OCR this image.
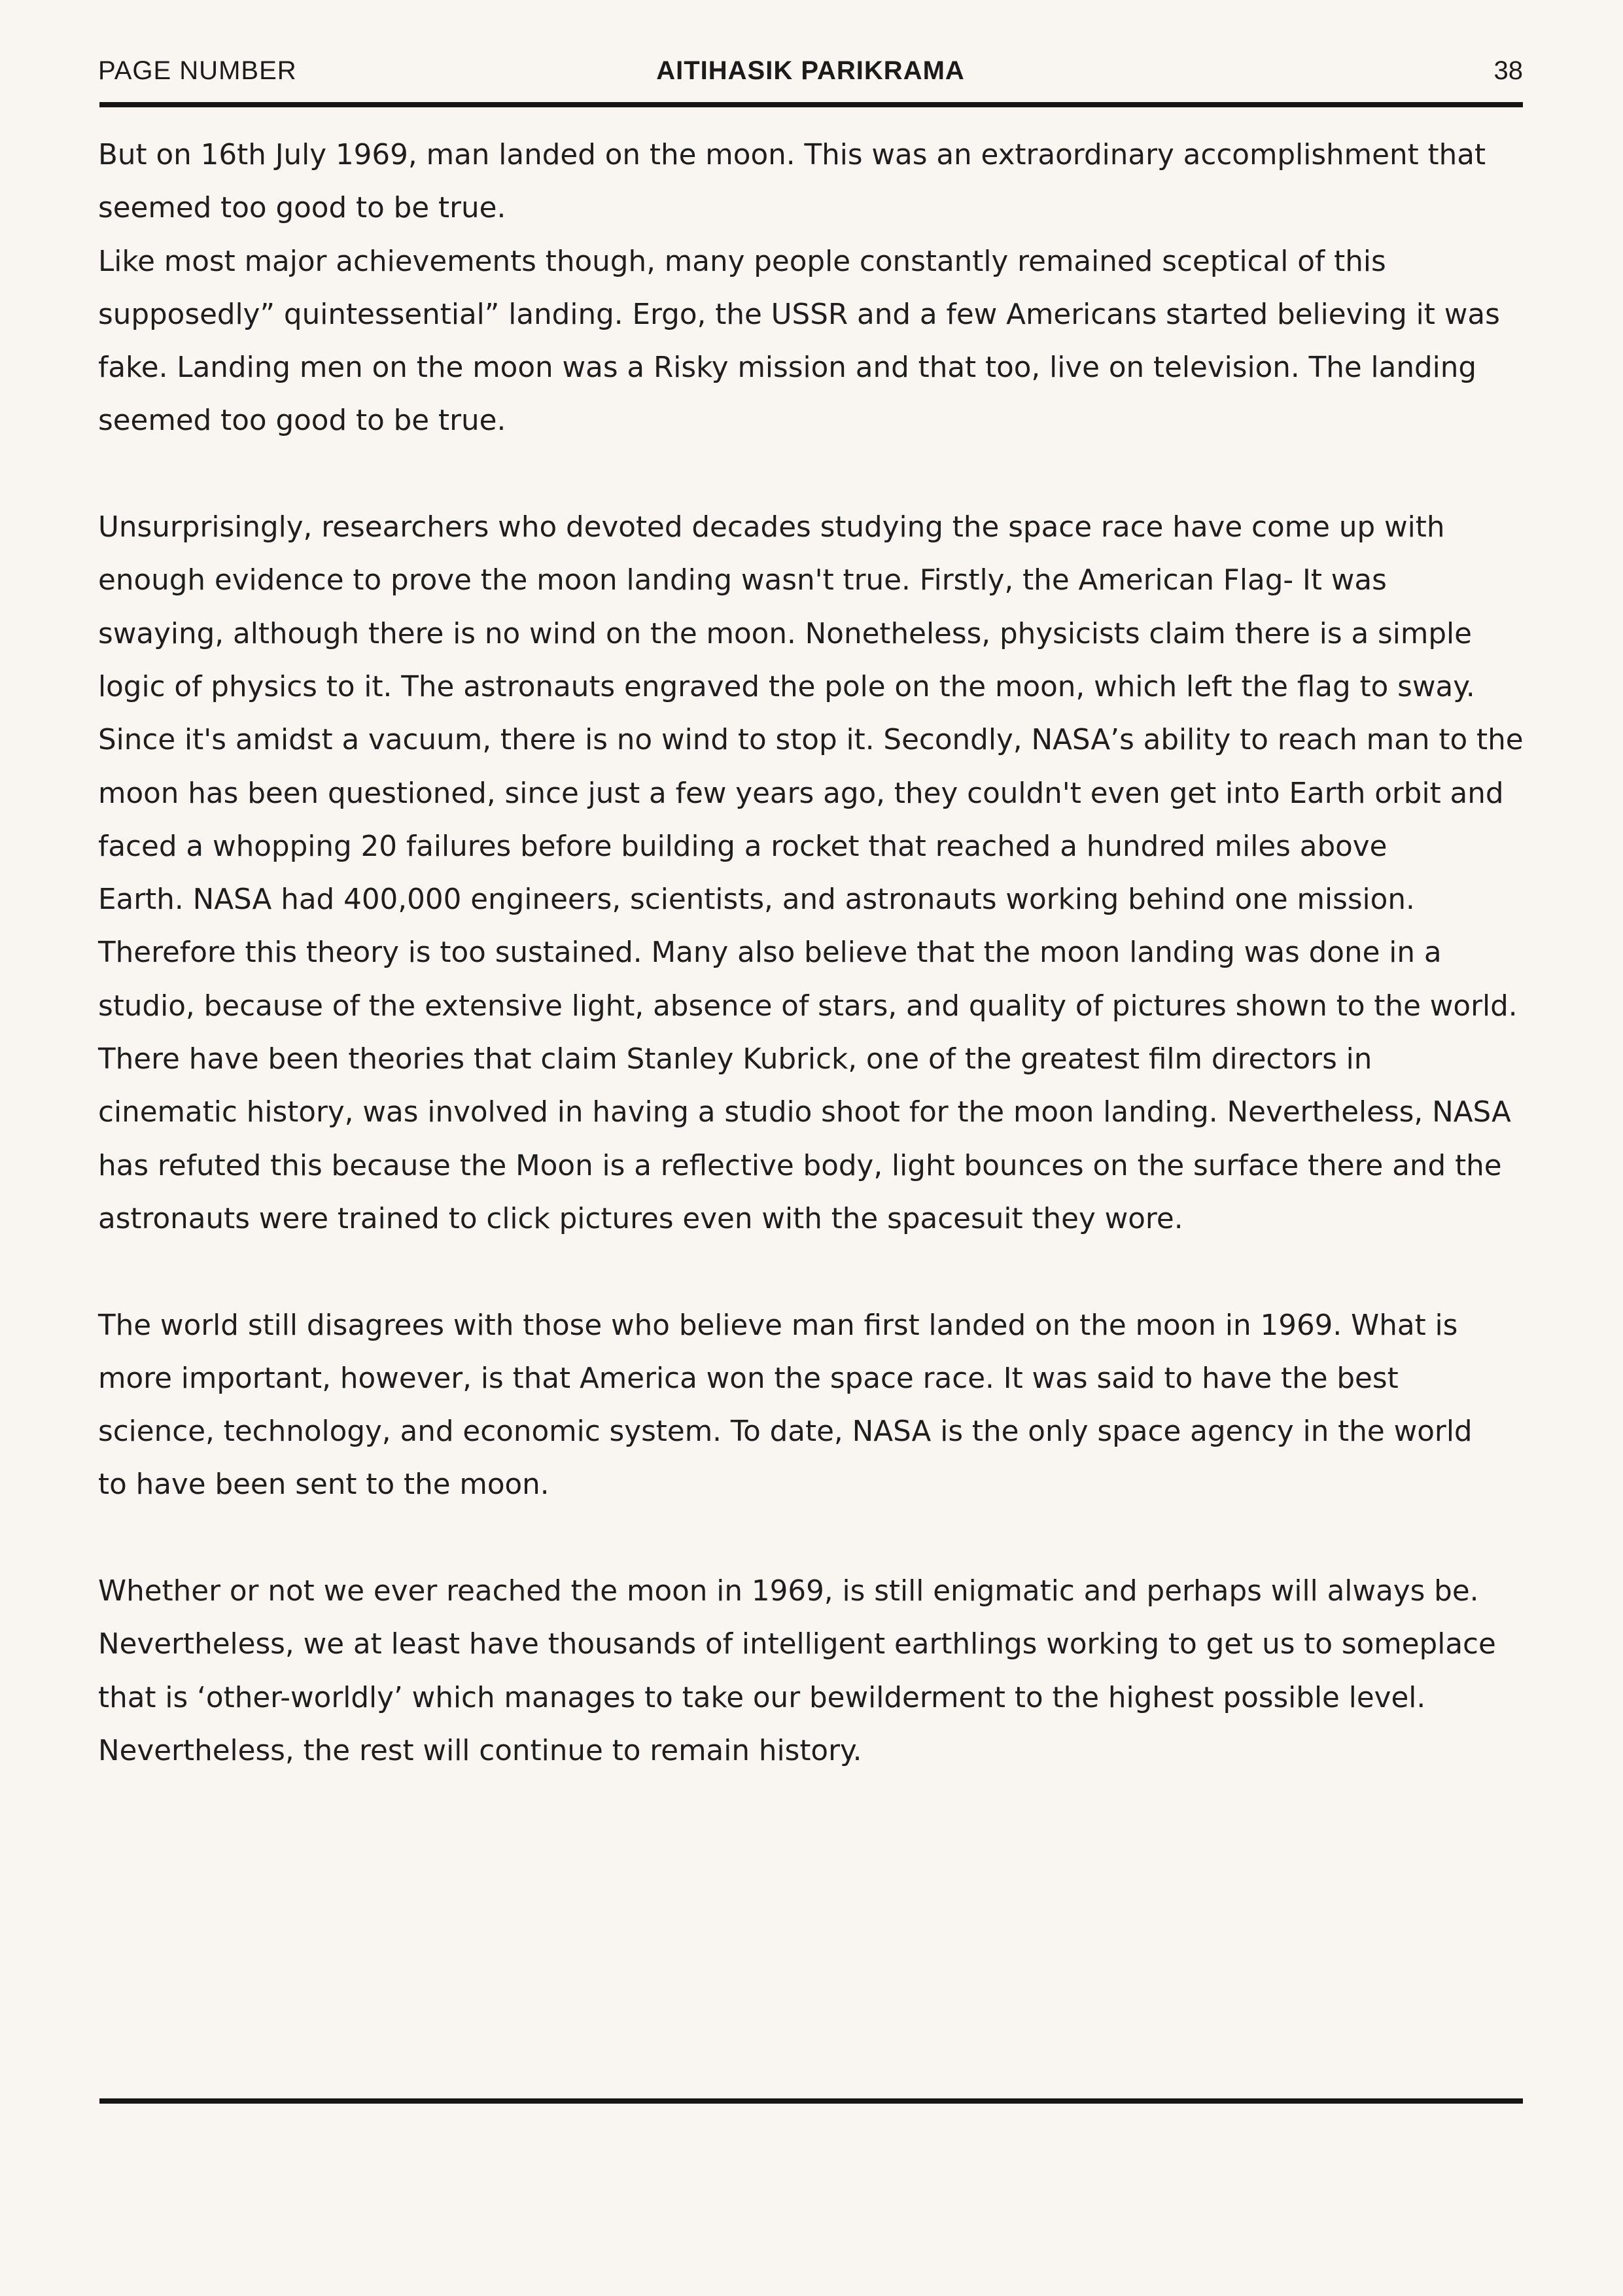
PAGE NUMBER	AITIHASIK PARIKRAMA	38

But on 16th July 1969, man landed on the moon. This was an extraordinary accomplishment that
seemed too good to be true.
Like most major achievements though, many people constantly remained sceptical of this
supposedly” quintessential” landing. Ergo, the USSR and a few Americans started believing it was
fake. Landing men on the moon was a Risky mission and that too, live on television. The landing
seemed too good to be true.

Unsurprisingly, researchers who devoted decades studying the space race have come up with
enough evidence to prove the moon landing wasn't true. Firstly, the American Flag- It was
swaying, although there is no wind on the moon. Nonetheless, physicists claim there is a simple
logic of physics to it. The astronauts engraved the pole on the moon, which left the flag to sway.
Since it's amidst a vacuum, there is no wind to stop it. Secondly, NASA’s ability to reach man to the
moon has been questioned, since just a few years ago, they couldn't even get into Earth orbit and
faced a whopping 20 failures before building a rocket that reached a hundred miles above
Earth. NASA had 400,000 engineers, scientists, and astronauts working behind one mission.
Therefore this theory is too sustained. Many also believe that the moon landing was done in a
studio, because of the extensive light, absence of stars, and quality of pictures shown to the world.
There have been theories that claim Stanley Kubrick, one of the greatest film directors in
cinematic history, was involved in having a studio shoot for the moon landing. Nevertheless, NASA
has refuted this because the Moon is a reflective body, light bounces on the surface there and the
astronauts were trained to click pictures even with the spacesuit they wore.

The world still disagrees with those who believe man first landed on the moon in 1969. What is
more important, however, is that America won the space race. It was said to have the best
science, technology, and economic system. To date, NASA is the only space agency in the world
to have been sent to the moon.

Whether or not we ever reached the moon in 1969, is still enigmatic and perhaps will always be.
Nevertheless, we at least have thousands of intelligent earthlings working to get us to someplace
that is ‘other-worldly’ which manages to take our bewilderment to the highest possible level.
Nevertheless, the rest will continue to remain history.
